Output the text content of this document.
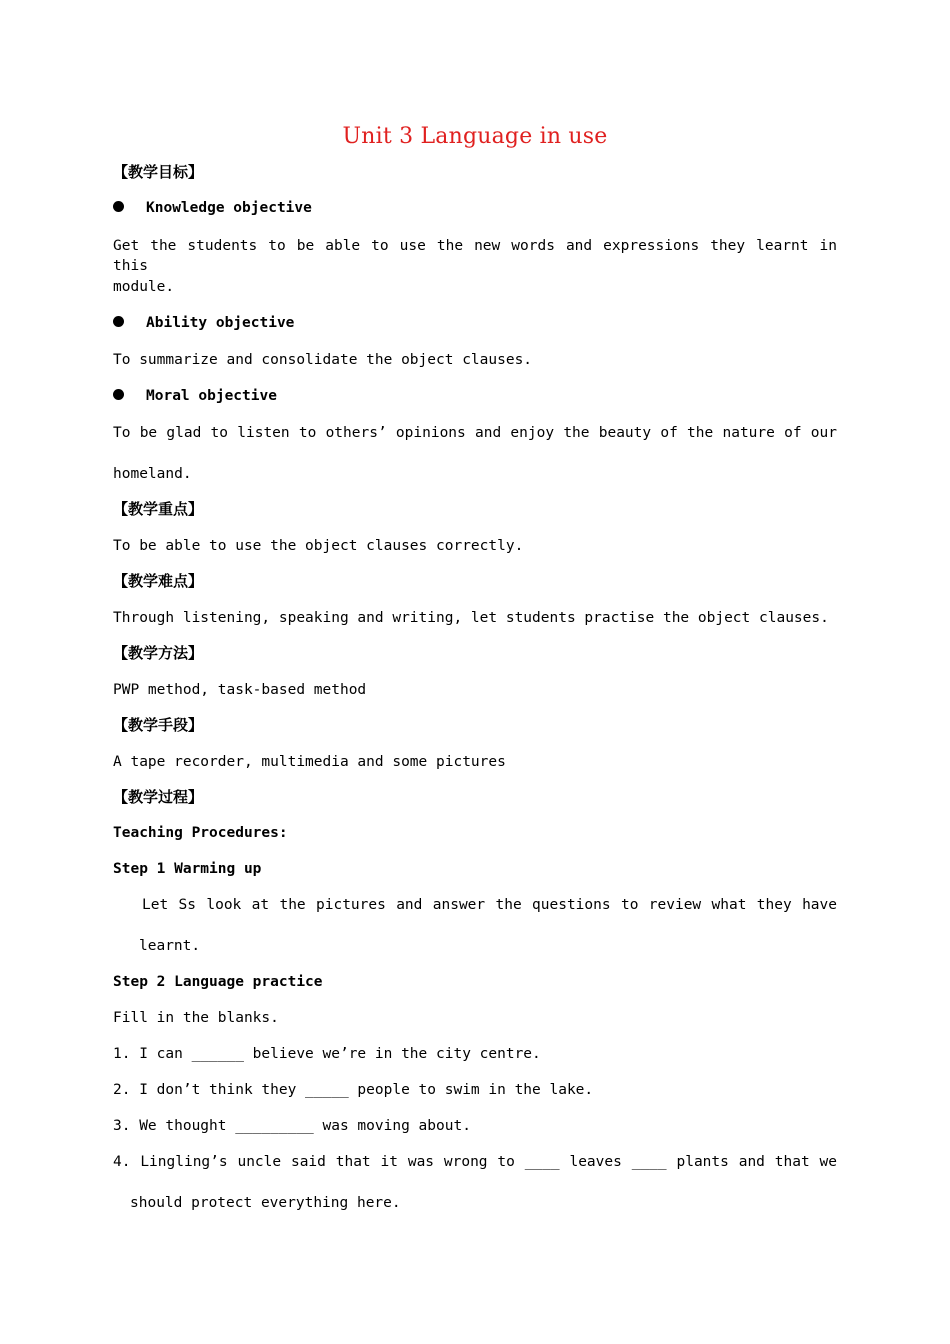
Unit 3 Language in use
【教学目标】
Knowledge objective
Get the students to be able to use the new words and expressions they learnt in this
module.
Ability objective
To summarize and consolidate the object clauses.
Moral objective
To be glad to listen to others’ opinions and enjoy the beauty of the nature of our
homeland.
【教学重点】
To be able to use the object clauses correctly.
【教学难点】
Through listening, speaking and writing, let students practise the object clauses.
【教学方法】
PWP method, task-based method
【教学手段】
A tape recorder, multimedia and some pictures
【教学过程】
Teaching Procedures:
Step 1 Warming up
Let Ss look at the pictures and answer the questions to review what they have
learnt.
Step 2 Language practice
Fill in the blanks.
1. I can ______ believe we’re in the city centre.
2. I don’t think they _____ people to swim in the lake.
3. We thought _________ was moving about.
4. Lingling’s uncle said that it was wrong to ____ leaves ____ plants and that we
should protect everything here.
